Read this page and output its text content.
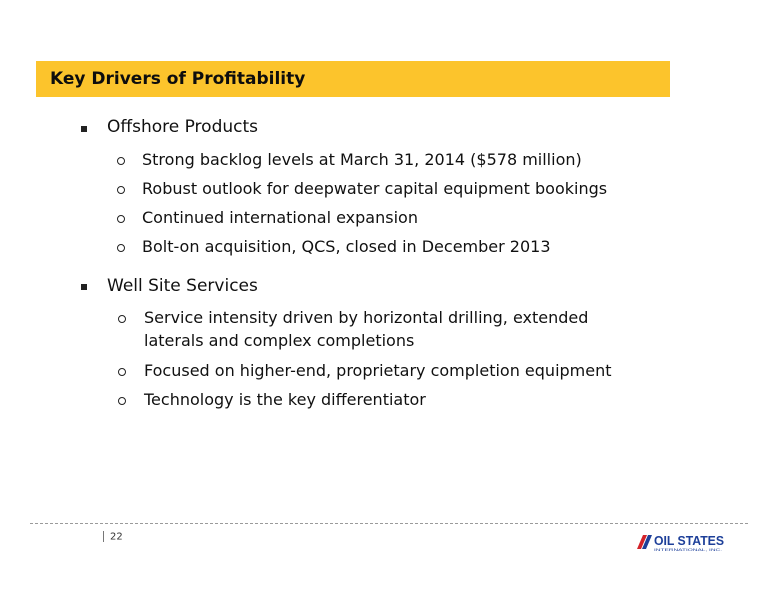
Key Drivers of Profitability
Offshore Products
Strong backlog levels at March 31, 2014 ($578 million)
Robust outlook for deepwater capital equipment bookings
Continued international expansion
Bolt-on acquisition, QCS, closed in December 2013
Well Site Services
Service intensity driven by horizontal drilling, extended laterals and complex completions
Focused on higher-end, proprietary completion equipment
Technology is the key differentiator
22	OIL STATES
INTERNATIONAL, INC.
